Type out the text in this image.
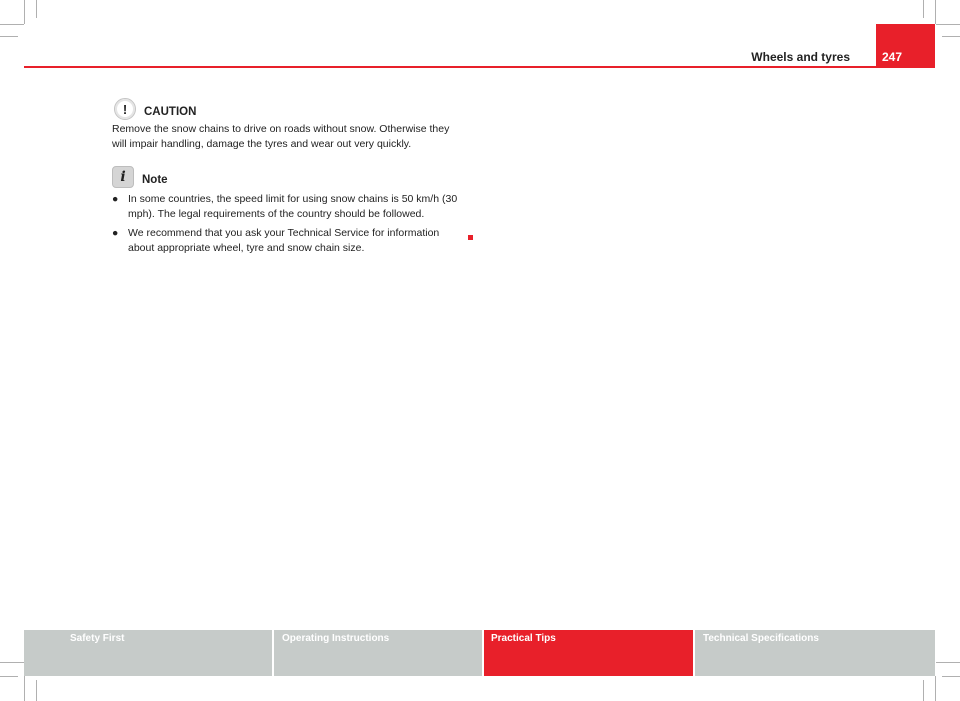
Wheels and tyres	247
! CAUTION

Remove the snow chains to drive on roads without snow. Otherwise they will impair handling, damage the tyres and wear out very quickly.

i Note
● In some countries, the speed limit for using snow chains is 50 km/h (30 mph). The legal requirements of the country should be followed.
● We recommend that you ask your Technical Service for information about appropriate wheel, tyre and snow chain size.
Safety First	Operating Instructions	Practical Tips	Technical Specifications
